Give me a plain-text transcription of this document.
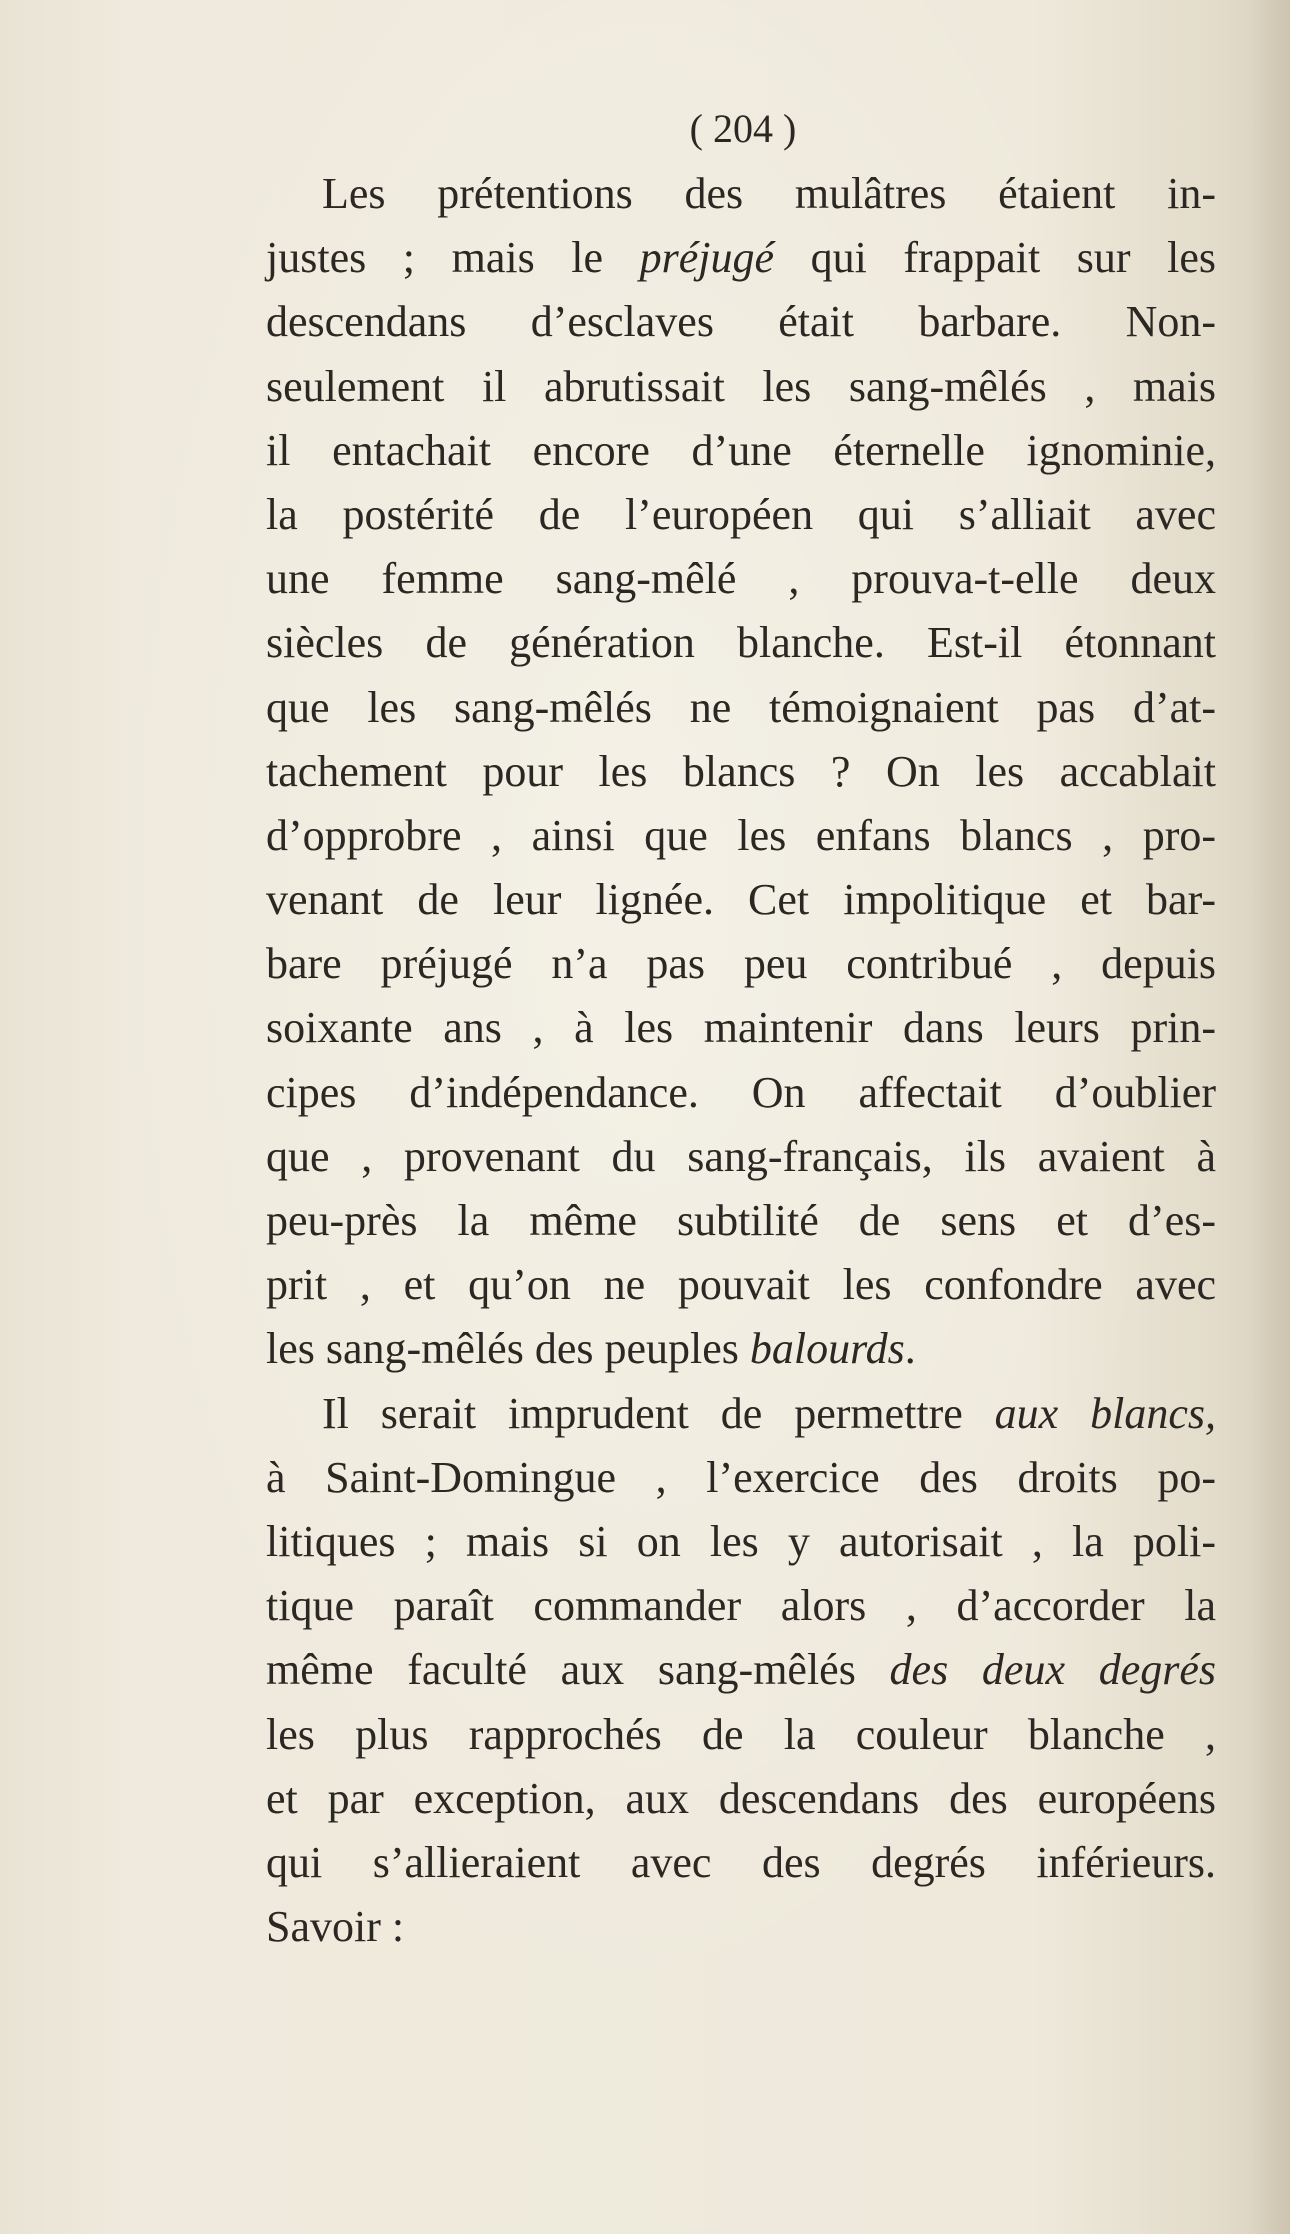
( 204 )
Les prétentions des mulâtres étaient in-
justes ; mais le préjugé qui frappait sur les
descendans d’esclaves était barbare. Non-
seulement il abrutissait les sang-mêlés , mais
il entachait encore d’une éternelle ignominie,
la postérité de l’européen qui s’alliait avec
une femme sang-mêlé , prouva-t-elle deux
siècles de génération blanche. Est-il étonnant
que les sang-mêlés ne témoignaient pas d’at-
tachement pour les blancs ? On les accablait
d’opprobre , ainsi que les enfans blancs , pro-
venant de leur lignée. Cet impolitique et bar-
bare préjugé n’a pas peu contribué , depuis
soixante ans , à les maintenir dans leurs prin-
cipes d’indépendance. On affectait d’oublier
que , provenant du sang-français, ils avaient à
peu-près la même subtilité de sens et d’es-
prit , et qu’on ne pouvait les confondre avec
les sang-mêlés des peuples balourds.
Il serait imprudent de permettre aux blancs,
à Saint-Domingue , l’exercice des droits po-
litiques ; mais si on les y autorisait , la poli-
tique paraît commander alors , d’accorder la
même faculté aux sang-mêlés des deux degrés
les plus rapprochés de la couleur blanche ,
et par exception, aux descendans des européens
qui s’allieraient avec des degrés inférieurs.
Savoir :
